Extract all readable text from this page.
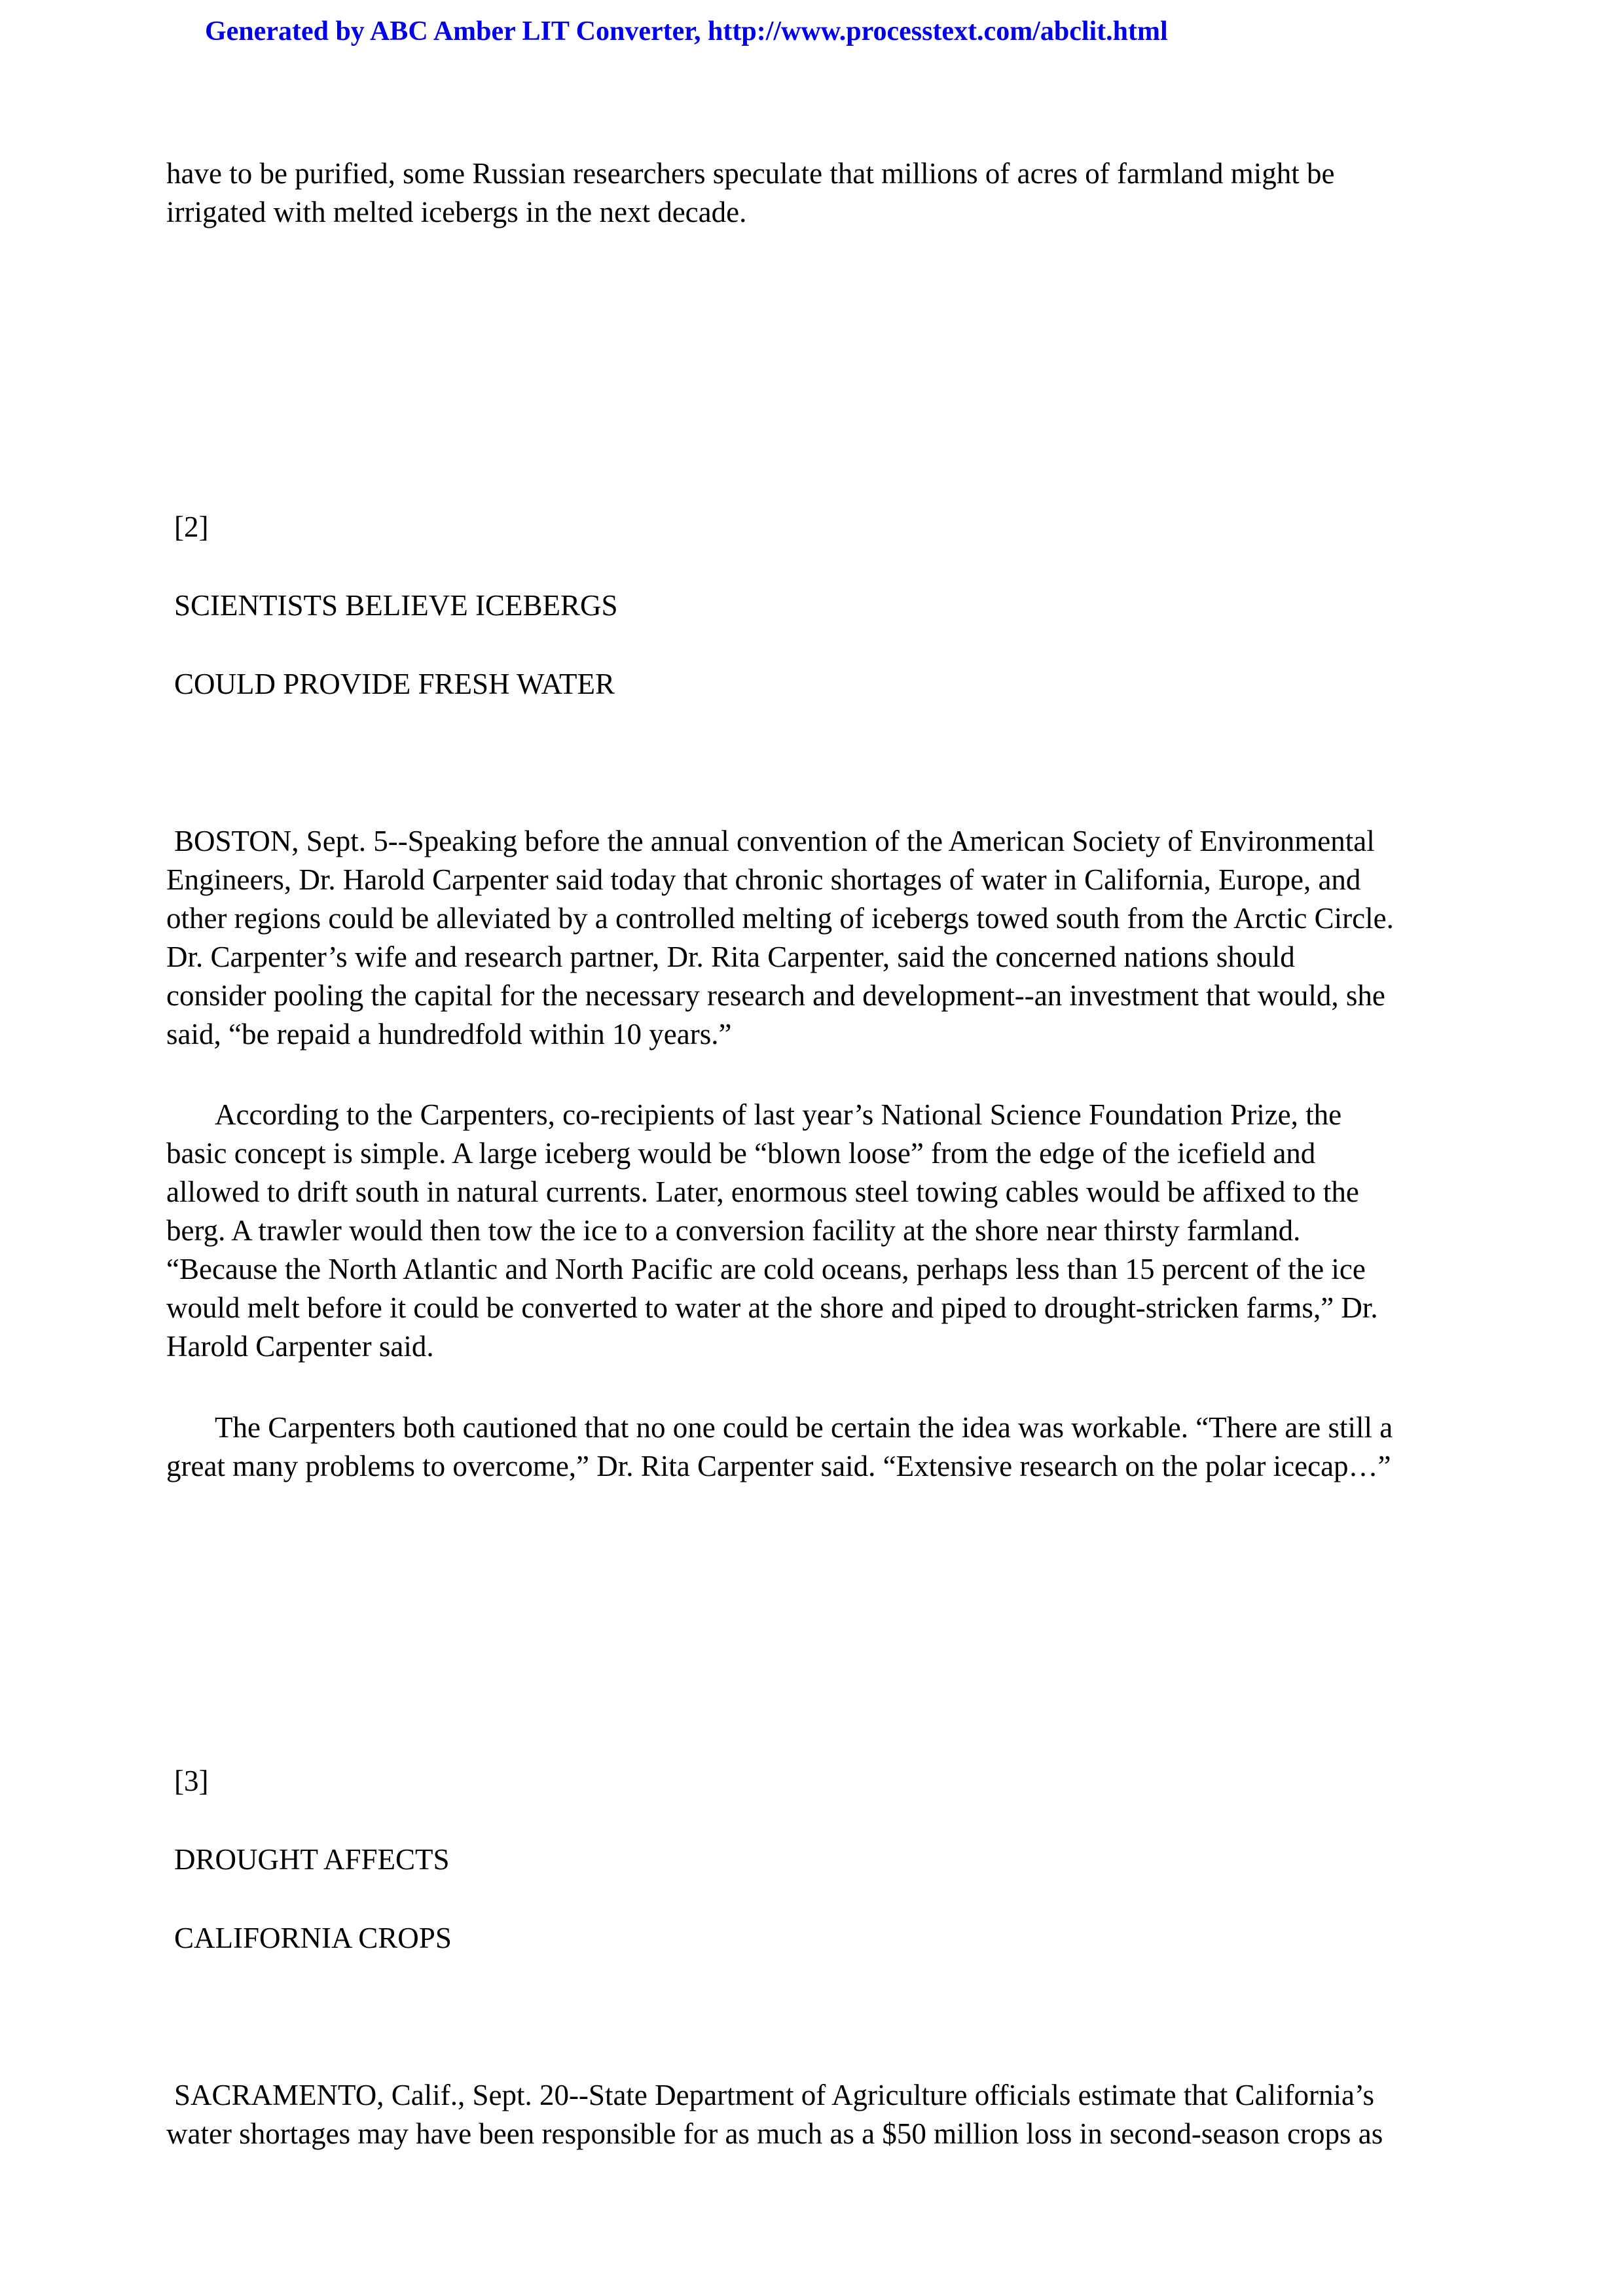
Generated by ABC Amber LIT Converter, http://www.processtext.com/abclit.html
have to be purified, some Russian researchers speculate that millions of acres of farmland might be
irrigated with melted icebergs in the next decade.
[2]
SCIENTISTS BELIEVE ICEBERGS
COULD PROVIDE FRESH WATER
BOSTON, Sept. 5--Speaking before the annual convention of the American Society of Environmental
Engineers, Dr. Harold Carpenter said today that chronic shortages of water in California, Europe, and
other regions could be alleviated by a controlled melting of icebergs towed south from the Arctic Circle.
Dr. Carpenter’s wife and research partner, Dr. Rita Carpenter, said the concerned nations should
consider pooling the capital for the necessary research and development--an investment that would, she
said, “be repaid a hundredfold within 10 years.”
According to the Carpenters, co-recipients of last year’s National Science Foundation Prize, the
basic concept is simple. A large iceberg would be “blown loose” from the edge of the icefield and
allowed to drift south in natural currents. Later, enormous steel towing cables would be affixed to the
berg. A trawler would then tow the ice to a conversion facility at the shore near thirsty farmland.
“Because the North Atlantic and North Pacific are cold oceans, perhaps less than 15 percent of the ice
would melt before it could be converted to water at the shore and piped to drought-stricken farms,” Dr.
Harold Carpenter said.
The Carpenters both cautioned that no one could be certain the idea was workable. “There are still a
great many problems to overcome,” Dr. Rita Carpenter said. “Extensive research on the polar icecap…”
[3]
DROUGHT AFFECTS
CALIFORNIA CROPS
SACRAMENTO, Calif., Sept. 20--State Department of Agriculture officials estimate that California’s
water shortages may have been responsible for as much as a $50 million loss in second-season crops as
